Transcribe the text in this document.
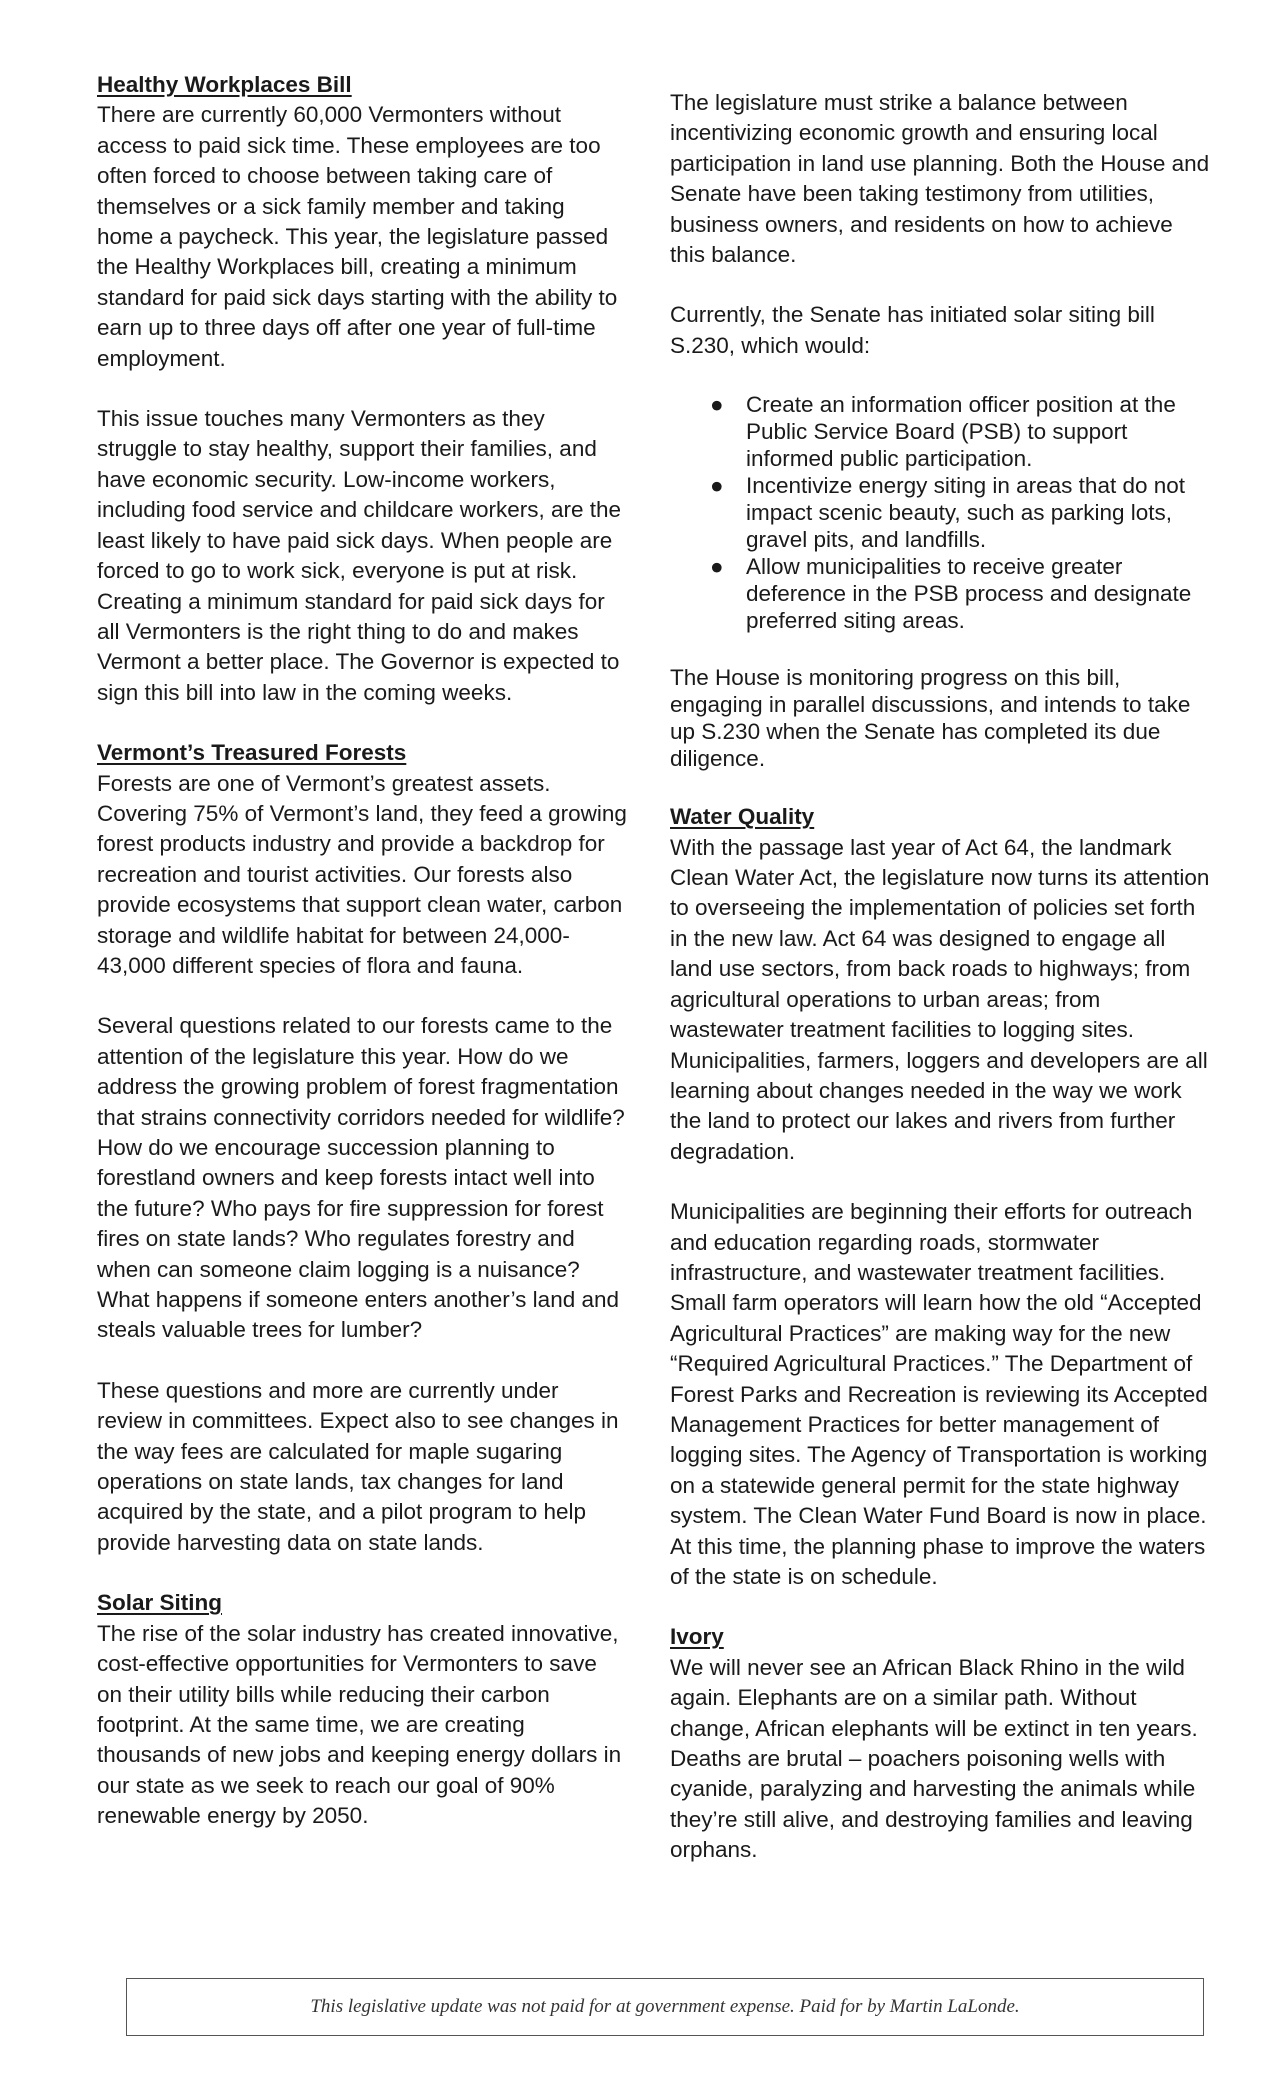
Healthy Workplaces Bill

There are currently 60,000 Vermonters without access to paid sick time. These employees are too often forced to choose between taking care of themselves or a sick family member and taking home a paycheck. This year, the legislature passed the Healthy Workplaces bill, creating a minimum standard for paid sick days starting with the ability to earn up to three days off after one year of full-time employment.

This issue touches many Vermonters as they struggle to stay healthy, support their families, and have economic security. Low-income workers, including food service and childcare workers, are the least likely to have paid sick days. When people are forced to go to work sick, everyone is put at risk. Creating a minimum standard for paid sick days for all Vermonters is the right thing to do and makes Vermont a better place. The Governor is expected to sign this bill into law in the coming weeks.

Vermont’s Treasured Forests

Forests are one of Vermont’s greatest assets. Covering 75% of Vermont’s land, they feed a growing forest products industry and provide a backdrop for recreation and tourist activities. Our forests also provide ecosystems that support clean water, carbon storage and wildlife habitat for between 24,000-43,000 different species of flora and fauna.

Several questions related to our forests came to the attention of the legislature this year. How do we address the growing problem of forest fragmentation that strains connectivity corridors needed for wildlife? How do we encourage succession planning to forestland owners and keep forests intact well into the future? Who pays for fire suppression for forest fires on state lands? Who regulates forestry and when can someone claim logging is a nuisance? What happens if someone enters another’s land and steals valuable trees for lumber?

These questions and more are currently under review in committees. Expect also to see changes in the way fees are calculated for maple sugaring operations on state lands, tax changes for land acquired by the state, and a pilot program to help provide harvesting data on state lands.

Solar Siting

The rise of the solar industry has created innovative, cost-effective opportunities for Vermonters to save on their utility bills while reducing their carbon footprint. At the same time, we are creating thousands of new jobs and keeping energy dollars in our state as we seek to reach our goal of 90% renewable energy by 2050.

The legislature must strike a balance between incentivizing economic growth and ensuring local participation in land use planning. Both the House and Senate have been taking testimony from utilities, business owners, and residents on how to achieve this balance.

Currently, the Senate has initiated solar siting bill S.230, which would:

● Create an information officer position at the Public Service Board (PSB) to support informed public participation.
● Incentivize energy siting in areas that do not impact scenic beauty, such as parking lots, gravel pits, and landfills.
● Allow municipalities to receive greater deference in the PSB process and designate preferred siting areas.

The House is monitoring progress on this bill, engaging in parallel discussions, and intends to take up S.230 when the Senate has completed its due diligence.

Water Quality

With the passage last year of Act 64, the landmark Clean Water Act, the legislature now turns its attention to overseeing the implementation of policies set forth in the new law. Act 64 was designed to engage all land use sectors, from back roads to highways; from agricultural operations to urban areas; from wastewater treatment facilities to logging sites. Municipalities, farmers, loggers and developers are all learning about changes needed in the way we work the land to protect our lakes and rivers from further degradation.

Municipalities are beginning their efforts for outreach and education regarding roads, stormwater infrastructure, and wastewater treatment facilities. Small farm operators will learn how the old “Accepted Agricultural Practices” are making way for the new “Required Agricultural Practices.” The Department of Forest Parks and Recreation is reviewing its Accepted Management Practices for better management of logging sites. The Agency of Transportation is working on a statewide general permit for the state highway system. The Clean Water Fund Board is now in place. At this time, the planning phase to improve the waters of the state is on schedule.

Ivory

We will never see an African Black Rhino in the wild again. Elephants are on a similar path. Without change, African elephants will be extinct in ten years. Deaths are brutal – poachers poisoning wells with cyanide, paralyzing and harvesting the animals while they’re still alive, and destroying families and leaving orphans.

This legislative update was not paid for at government expense. Paid for by Martin LaLonde.
